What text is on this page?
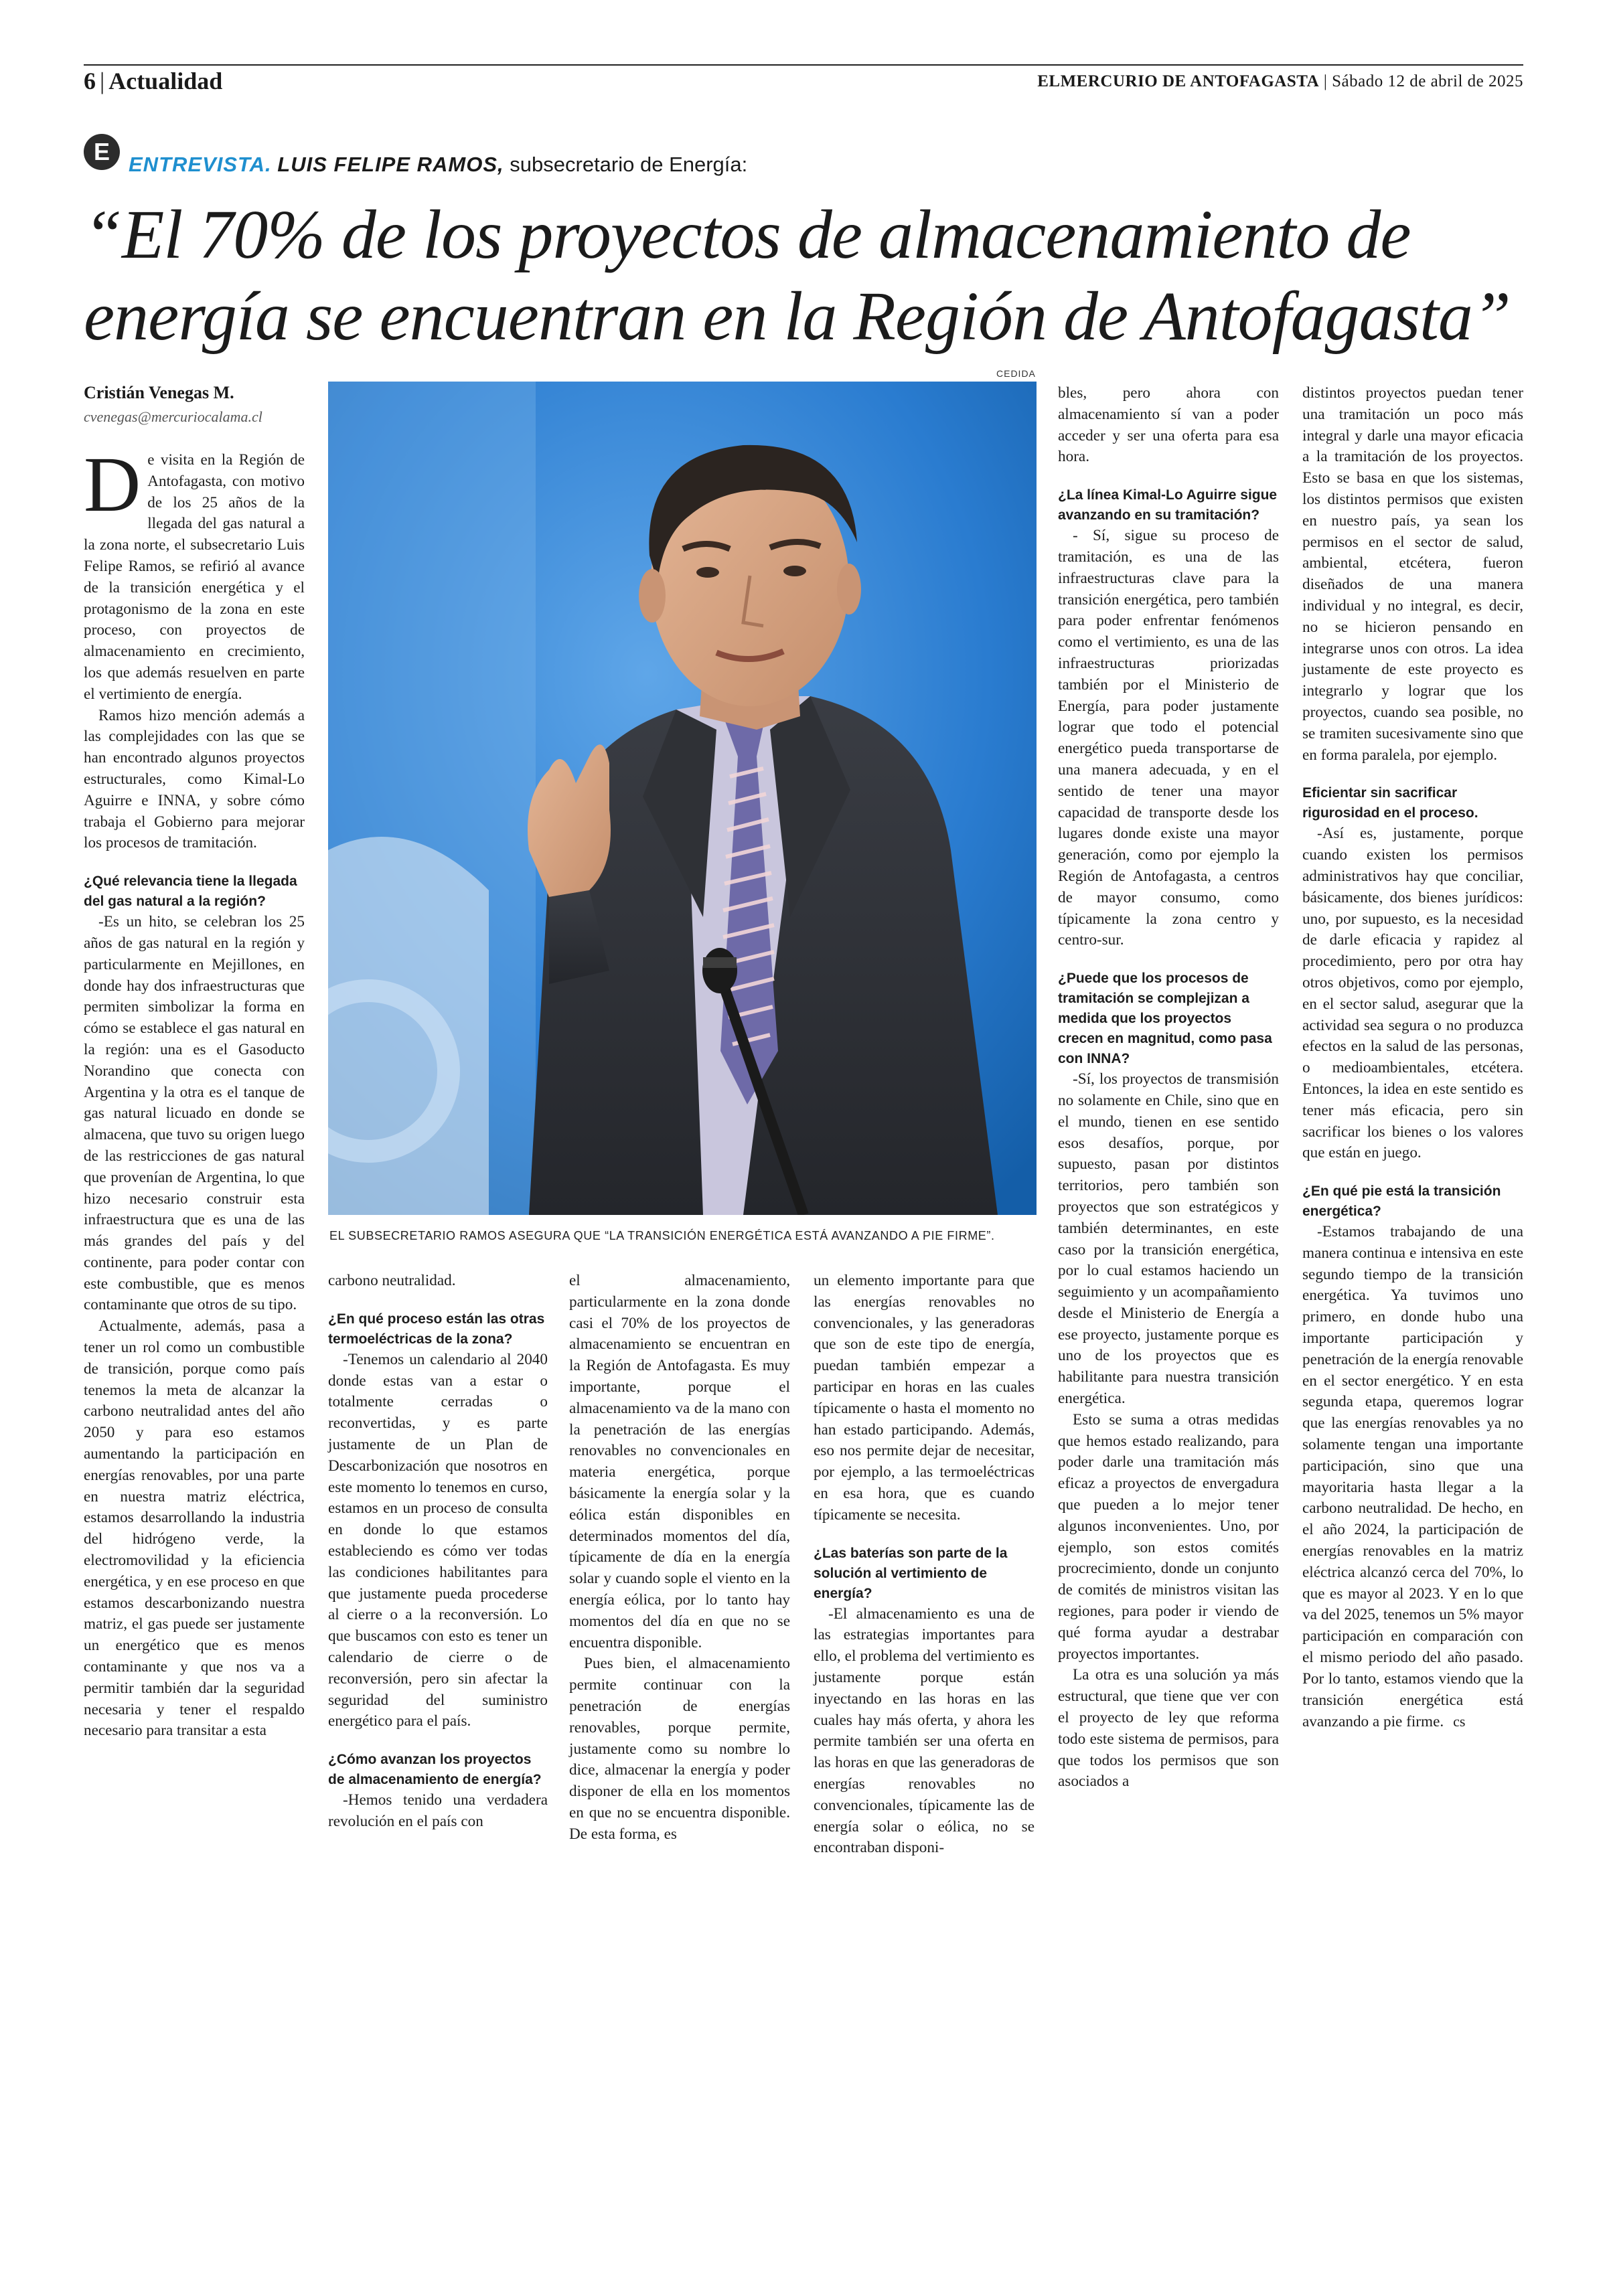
6 | Actualidad	ELMERCURIO DE ANTOFAGASTA | Sábado 12 de abril de 2025
E ENTREVISTA. LUIS FELIPE RAMOS, subsecretario de Energía:
“El 70% de los proyectos de almacenamiento de energía se encuentran en la Región de Antofagasta”
Cristián Venegas M.
cvenegas@mercuriocalama.cl
CEDIDA
EL SUBSECRETARIO RAMOS ASEGURA QUE “LA TRANSICIÓN ENERGÉTICA ESTÁ AVANZANDO A PIE FIRME”.

De visita en la Región de Antofagasta, con motivo de los 25 años de la llegada del gas natural a la zona norte, el subsecretario Luis Felipe Ramos, se refirió al avance de la transición energética y el protagonismo de la zona en este proceso, con proyectos de almacenamiento en crecimiento, los que además resuelven en parte el vertimiento de energía.

Ramos hizo mención además a las complejidades con las que se han encontrado algunos proyectos estructurales, como Kimal-Lo Aguirre e INNA, y sobre cómo trabaja el Gobierno para mejorar los procesos de tramitación.

¿Qué relevancia tiene la llegada del gas natural a la región?

-Es un hito, se celebran los 25 años de gas natural en la región y particularmente en Mejillones, en donde hay dos infraestructuras que permiten simbolizar la forma en cómo se establece el gas natural en la región: una es el Gasoducto Norandino que conecta con Argentina y la otra es el tanque de gas natural licuado en donde se almacena, que tuvo su origen luego de las restricciones de gas natural que provenían de Argentina, lo que hizo necesario construir esta infraestructura que es una de las más grandes del país y del continente, para poder contar con este combustible, que es menos contaminante que otros de su tipo.

Actualmente, además, pasa a tener un rol como un combustible de transición, porque como país tenemos la meta de alcanzar la carbono neutralidad antes del año 2050 y para eso estamos aumentando la participación en energías renovables, por una parte en nuestra matriz eléctrica, estamos desarrollando la industria del hidrógeno verde, la electromovilidad y la eficiencia energética, y en ese proceso en que estamos descarbonizando nuestra matriz, el gas puede ser justamente un energético que es menos contaminante y que nos va a permitir también dar la seguridad necesaria y tener el respaldo necesario para transitar a esta

carbono neutralidad.

¿En qué proceso están las otras termoeléctricas de la zona?

-Tenemos un calendario al 2040 donde estas van a estar o totalmente cerradas o reconvertidas, y es parte justamente de un Plan de Descarbonización que nosotros en este momento lo tenemos en curso, estamos en un proceso de consulta en donde lo que estamos estableciendo es cómo ver todas las condiciones habilitantes para que justamente pueda procederse al cierre o a la reconversión. Lo que buscamos con esto es tener un calendario de cierre o de reconversión, pero sin afectar la seguridad del suministro energético para el país.

¿Cómo avanzan los proyectos de almacenamiento de energía?

-Hemos tenido una verdadera revolución en el país con

el almacenamiento, particularmente en la zona donde casi el 70% de los proyectos de almacenamiento se encuentran en la Región de Antofagasta. Es muy importante, porque el almacenamiento va de la mano con la penetración de las energías renovables no convencionales en materia energética, porque básicamente la energía solar y la eólica están disponibles en determinados momentos del día, típicamente de día en la energía solar y cuando sople el viento en la energía eólica, por lo tanto hay momentos del día en que no se encuentra disponible.

Pues bien, el almacenamiento permite continuar con la penetración de energías renovables, porque permite, justamente como su nombre lo dice, almacenar la energía y poder disponer de ella en los momentos en que no se encuentra disponible. De esta forma, es

un elemento importante para que las energías renovables no convencionales, y las generadoras que son de este tipo de energía, puedan también empezar a participar en horas en las cuales típicamente o hasta el momento no han estado participando. Además, eso nos permite dejar de necesitar, por ejemplo, a las termoeléctricas en esa hora, que es cuando típicamente se necesita.

¿Las baterías son parte de la solución al vertimiento de energía?

-El almacenamiento es una de las estrategias importantes para ello, el problema del vertimiento es justamente porque están inyectando en las horas en las cuales hay más oferta, y ahora les permite también ser una oferta en las horas en que las generadoras de energías renovables no convencionales, típicamente las de energía solar o eólica, no se encontraban disponi-

bles, pero ahora con almacenamiento sí van a poder acceder y ser una oferta para esa hora.

¿La línea Kimal-Lo Aguirre sigue avanzando en su tramitación?

- Sí, sigue su proceso de tramitación, es una de las infraestructuras clave para la transición energética, pero también para poder enfrentar fenómenos como el vertimiento, es una de las infraestructuras priorizadas también por el Ministerio de Energía, para poder justamente lograr que todo el potencial energético pueda transportarse de una manera adecuada, y en el sentido de tener una mayor capacidad de transporte desde los lugares donde existe una mayor generación, como por ejemplo la Región de Antofagasta, a centros de mayor consumo, como típicamente la zona centro y centro-sur.

¿Puede que los procesos de tramitación se complejizan a medida que los proyectos crecen en magnitud, como pasa con INNA?

-Sí, los proyectos de transmisión no solamente en Chile, sino que en el mundo, tienen en ese sentido esos desafíos, porque, por supuesto, pasan por distintos territorios, pero también son proyectos que son estratégicos y también determinantes, en este caso por la transición energética, por lo cual estamos haciendo un seguimiento y un acompañamiento desde el Ministerio de Energía a ese proyecto, justamente porque es uno de los proyectos que es habilitante para nuestra transición energética.

Esto se suma a otras medidas que hemos estado realizando, para poder darle una tramitación más eficaz a proyectos de envergadura que pueden a lo mejor tener algunos inconvenientes. Uno, por ejemplo, son estos comités procrecimiento, donde un conjunto de comités de ministros visitan las regiones, para poder ir viendo de qué forma ayudar a destrabar proyectos importantes.

La otra es una solución ya más estructural, que tiene que ver con el proyecto de ley que reforma todo este sistema de permisos, para que todos los permisos que son asociados a

distintos proyectos puedan tener una tramitación un poco más integral y darle una mayor eficacia a la tramitación de los proyectos. Esto se basa en que los sistemas, los distintos permisos que existen en nuestro país, ya sean los permisos en el sector de salud, ambiental, etcétera, fueron diseñados de una manera individual y no integral, es decir, no se hicieron pensando en integrarse unos con otros. La idea justamente de este proyecto es integrarlo y lograr que los proyectos, cuando sea posible, no se tramiten sucesivamente sino que en forma paralela, por ejemplo.

Eficientar sin sacrificar rigurosidad en el proceso.

-Así es, justamente, porque cuando existen los permisos administrativos hay que conciliar, básicamente, dos bienes jurídicos: uno, por supuesto, es la necesidad de darle eficacia y rapidez al procedimiento, pero por otra hay otros objetivos, como por ejemplo, en el sector salud, asegurar que la actividad sea segura o no produzca efectos en la salud de las personas, o medioambientales, etcétera. Entonces, la idea en este sentido es tener más eficacia, pero sin sacrificar los bienes o los valores que están en juego.

¿En qué pie está la transición energética?

-Estamos trabajando de una manera continua e intensiva en este segundo tiempo de la transición energética. Ya tuvimos uno primero, en donde hubo una importante participación y penetración de la energía renovable en el sector energético. Y en esta segunda etapa, queremos lograr que las energías renovables ya no solamente tengan una importante participación, sino que una mayoritaria hasta llegar a la carbono neutralidad. De hecho, en el año 2024, la participación de energías renovables en la matriz eléctrica alcanzó cerca del 70%, lo que es mayor al 2023. Y en lo que va del 2025, tenemos un 5% mayor participación en comparación con el mismo periodo del año pasado. Por lo tanto, estamos viendo que la transición energética está avanzando a pie firme. cs
